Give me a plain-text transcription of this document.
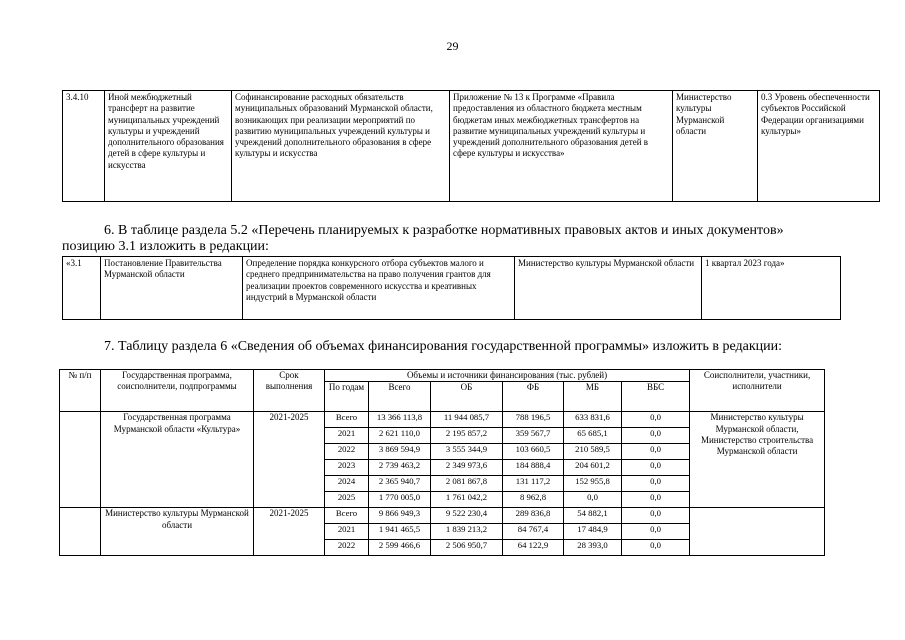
29
3.4.10	Иной межбюджетный трансферт на развитие муниципальных учреждений культуры и учреждений дополнительного образования детей в сфере культуры и искусства	Софинансирование расходных обязательств муниципальных образований Мурманской области, возникающих при реализации мероприятий по развитию муниципальных учреждений культуры и учреждений дополнительного образования в сфере культуры и искусства	Приложение № 13 к Программе «Правила предоставления из областного бюджета местным бюджетам иных межбюджетных трансфертов на развитие муниципальных учреждений культуры и учреждений дополнительного образования детей в сфере культуры и искусства»	Министерство культуры Мурманской области	0.3 Уровень обеспеченности субъектов Российской Федерации организациями культуры»
6. В таблице раздела 5.2 «Перечень планируемых к разработке нормативных правовых актов и иных документов»
позицию 3.1 изложить в редакции:
«3.1	Постановление Правительства Мурманской области	Определение порядка конкурсного отбора субъектов малого и среднего предпринимательства на право получения грантов для реализации проектов современного искусства и креативных индустрий в Мурманской области	Министерство культуры Мурманской области	1 квартал 2023 года»
7. Таблицу раздела 6 «Сведения об объемах финансирования государственной программы» изложить в редакции:
№ п/п	Государственная программа, соисполнители, подпрограммы	Срок выполнения	Объемы и источники финансирования (тыс. рублей)						Соисполнители, участники, исполнители
			По годам	Всего	ОБ	ФБ	МБ	ВБС	
	Государственная программа Мурманской области «Культура»	2021-2025	Всего	13 366 113,8	11 944 085,7	788 196,5	633 831,6	0,0	Министерство культуры Мурманской области,
Министерство строительства Мурманской области
			2021	2 621 110,0	2 195 857,2	359 567,7	65 685,1	0,0	
			2022	3 869 594,9	3 555 344,9	103 660,5	210 589,5	0,0	
			2023	2 739 463,2	2 349 973,6	184 888,4	204 601,2	0,0	
			2024	2 365 940,7	2 081 867,8	131 117,2	152 955,8	0,0	
			2025	1 770 005,0	1 761 042,2	8 962,8	0,0	0,0	
	Министерство культуры Мурманской области	2021-2025	Всего	9 866 949,3	9 522 230,4	289 836,8	54 882,1	0,0	
			2021	1 941 465,5	1 839 213,2	84 767,4	17 484,9	0,0	
			2022	2 599 466,6	2 506 950,7	64 122,9	28 393,0	0,0	
